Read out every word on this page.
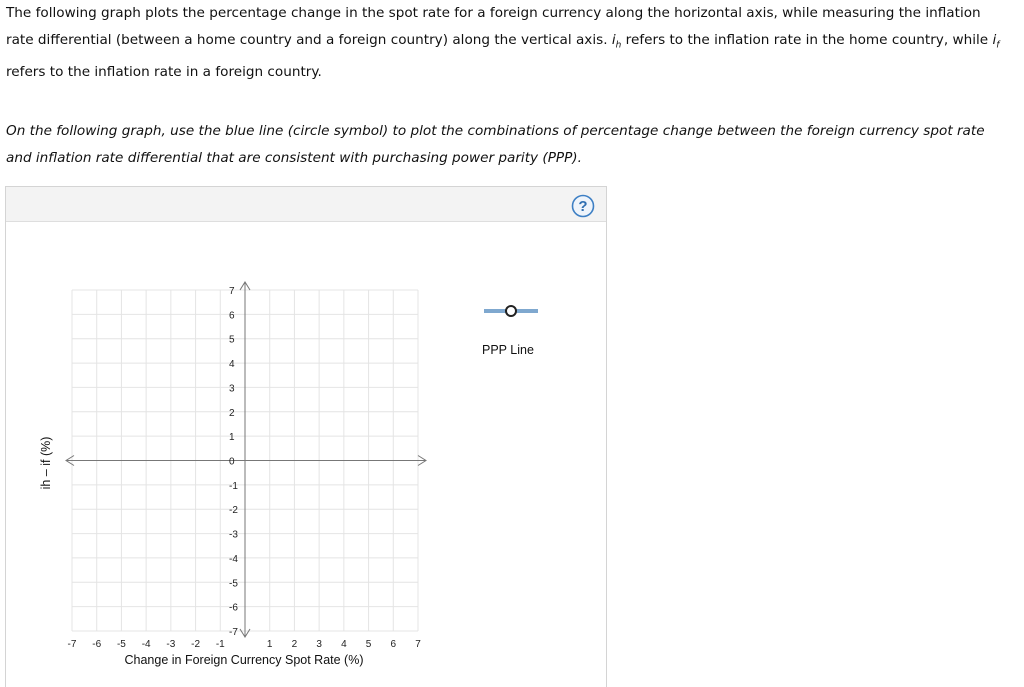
The following graph plots the percentage change in the spot rate for a foreign currency along the horizontal axis, while measuring the inflation rate differential (between a home country and a foreign country) along the vertical axis. $i_h$ refers to the inflation rate in the home country, while $i_f$ refers to the inflation rate in a foreign country.
On the following graph, use the blue line (circle symbol) to plot the combinations of percentage change between the foreign currency spot rate and inflation rate differential that are consistent with purchasing power parity (PPP).
?
7
6
5
4
3
2
1
0
-1
-2
-3
-4
-5
-6
-7
-7 -6 -5 -4 -3 -2 -1	1 2 3 4 5 6 7
Change in Foreign Currency Spot Rate (%)
ih – if (%)
PPP Line
